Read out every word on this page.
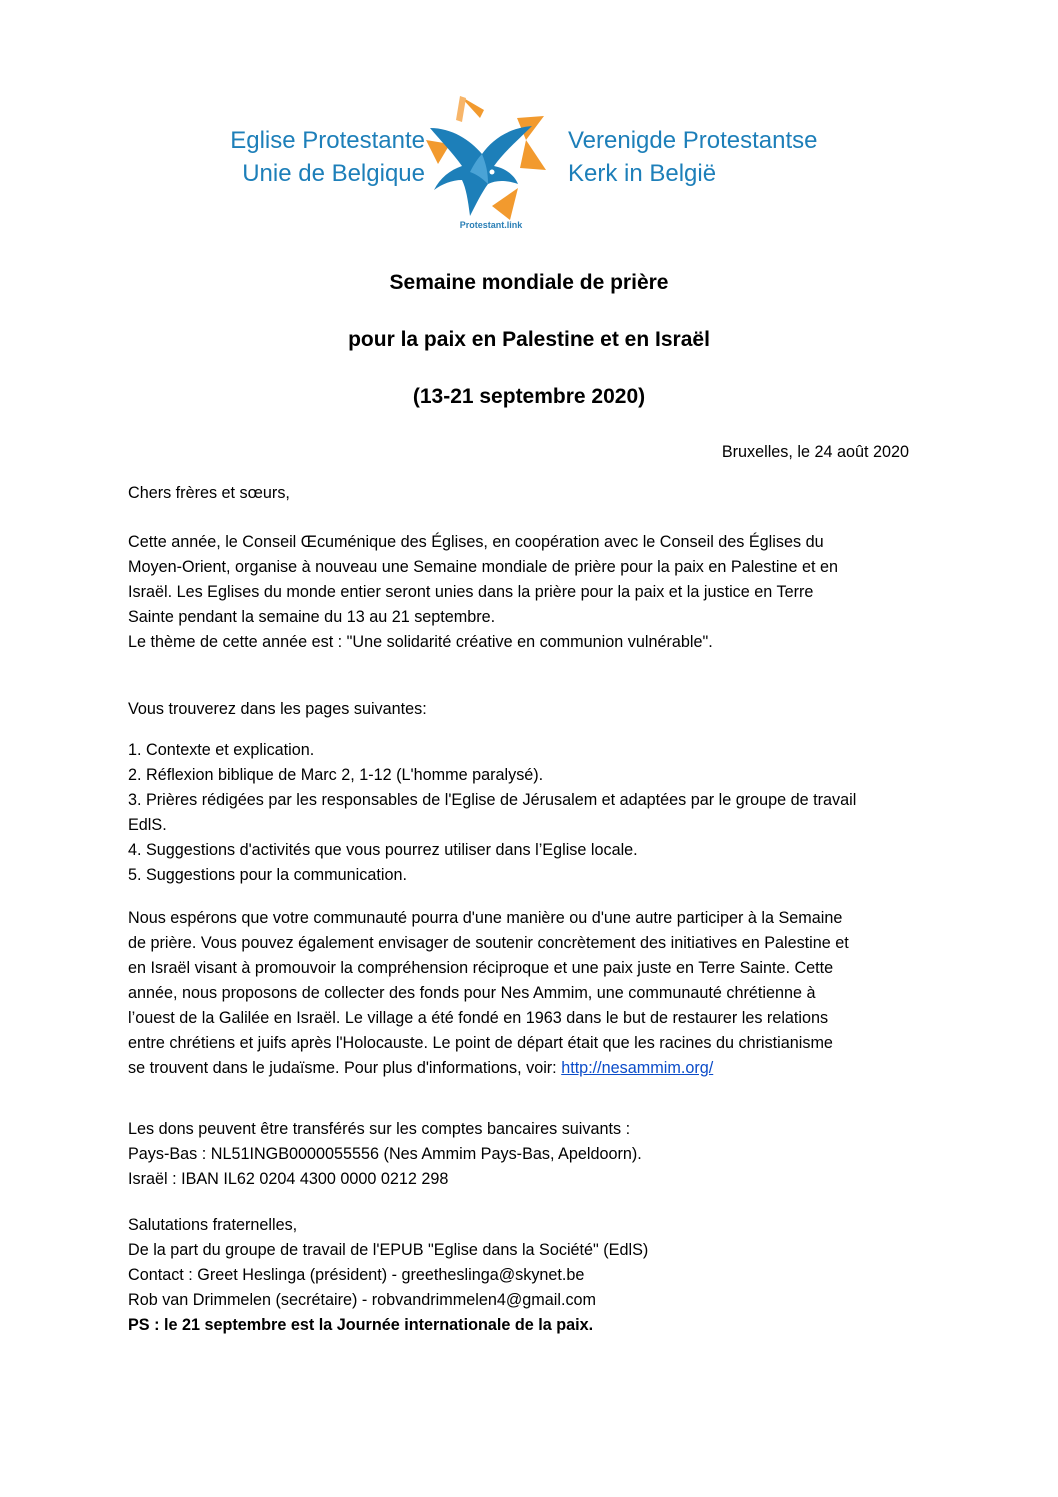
Eglise Protestante
Unie de Belgique
Protestant.link
Verenigde Protestantse
Kerk in België
Semaine mondiale de prière
pour la paix en Palestine et en Israël
(13-21 septembre 2020)
Bruxelles, le 24 août 2020

Chers frères et sœurs,

Cette année, le Conseil Œcuménique des Églises, en coopération avec le Conseil des Églises du

Moyen-Orient, organise à nouveau une Semaine mondiale de prière pour la paix en Palestine et en

Israël. Les Eglises du monde entier seront unies dans la prière pour la paix et la justice en Terre

Sainte pendant la semaine du 13 au 21 septembre.

Le thème de cette année est : "Une solidarité créative en communion vulnérable".

Vous trouverez dans les pages suivantes:

1. Contexte et explication.

2. Réflexion biblique de Marc 2, 1-12 (L'homme paralysé).

3. Prières rédigées par les responsables de l'Eglise de Jérusalem et adaptées par le groupe de travail

EdlS.

4. Suggestions d'activités que vous pourrez utiliser dans l’Eglise locale.

5. Suggestions pour la communication.

Nous espérons que votre communauté pourra d'une manière ou d'une autre participer à la Semaine

de prière. Vous pouvez également envisager de soutenir concrètement des initiatives en Palestine et

en Israël visant à promouvoir la compréhension réciproque et une paix juste en Terre Sainte. Cette

année, nous proposons de collecter des fonds pour Nes Ammim, une communauté chrétienne à

l’ouest de la Galilée en Israël. Le village a été fondé en 1963 dans le but de restaurer les relations

entre chrétiens et juifs après l'Holocauste. Le point de départ était que les racines du christianisme

se trouvent dans le judaïsme. Pour plus d'informations, voir: http://nesammim.org/

Les dons peuvent être transférés sur les comptes bancaires suivants :

Pays-Bas : NL51INGB0000055556 (Nes Ammim Pays-Bas, Apeldoorn).

Israël : IBAN IL62 0204 4300 0000 0212 298

Salutations fraternelles,

De la part du groupe de travail de l'EPUB "Eglise dans la Société" (EdlS)

Contact : Greet Heslinga (président) - greetheslinga@skynet.be

Rob van Drimmelen (secrétaire) - robvandrimmelen4@gmail.com

PS : le 21 septembre est la Journée internationale de la paix.
